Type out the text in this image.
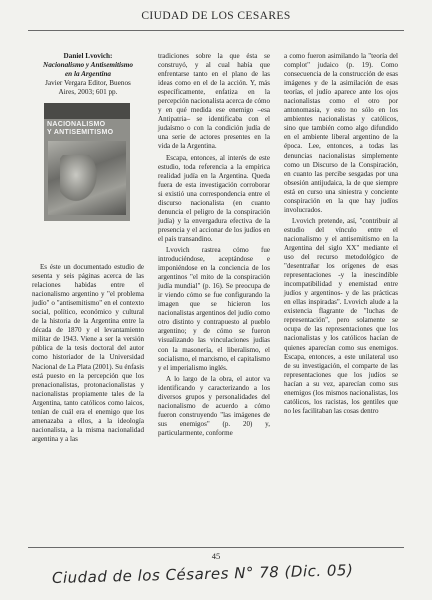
CIUDAD DE LOS CESARES
Daniel Lvovich:
Nacionalismo y Antisemitismo
en la Argentina
Javier Vergara Editor, Buenos
Aires, 2003; 601 pp.
NACIONALISMO
Y ANTISEMITISMO

Es éste un documentado estudio de sesenta y seis páginas acerca de las relaciones habidas entre el nacionalismo argentino y "el problema judío" o "antisemitismo" en el contexto social, político, económico y cultural de la historia de la Argentina entre la década de 1870 y el levantamiento militar de 1943. Viene a ser la versión pública de la tesis doctoral del autor como historiador de la Universidad Nacional de La Plata (2001). Su énfasis está puesto en la percepción que los prenacionalistas, protonacionalistas y nacionalistas propiamente tales de la Argentina, tanto católicos como laicos, tenían de cuál era el enemigo que los amenazaba a ellos, a la ideología nacionalista, a la misma nacionalidad argentina y a las

tradiciones sobre la que ésta se construyó, y al cual había que enfrentarse tanto en el plano de las ideas como en el de la acción. Y, más específicamente, enfatiza en la percepción nacionalista acerca de cómo y en qué medida ese enemigo –esa Antipatria– se identificaba con el judaísmo o con la condición judía de una serie de actores presentes en la vida de la Argentina.

Escapa, entonces, al interés de este estudio, toda referencia a la empírica realidad judía en la Argentina. Queda fuera de esta investigación corroborar si existió una correspondencia entre el discurso nacionalista (en cuanto denuncia el peligro de la conspiración judía) y la envergadura efectiva de la presencia y el accionar de los judíos en el país transandino.

Lvovich rastrea cómo fue introduciéndose, aceptándose e imponiéndose en la conciencia de los argentinos "el mito de la conspiración judía mundial" (p. 16). Se preocupa de ir viendo cómo se fue configurando la imagen que se hicieron los nacionalistas argentinos del judío como otro distinto y contrapuesto al pueblo argentino; y de cómo se fueron visualizando las vinculaciones judías con la masonería, el liberalismo, el socialismo, el marxismo, el capitalismo y el imperialismo inglés.

A lo largo de la obra, el autor va identificando y caracterizando a los diversos grupos y personalidades del nacionalismo de acuerdo a cómo fueron construyendo "las imágenes de sus enemigos" (p. 20) y, particularmente, conforme

a como fueron asimilando la "teoría del complot" judaico (p. 19). Como consecuencia de la construcción de esas imágenes y de la asimilación de esas teorías, el judío aparece ante los ojos nacionalistas como el otro por antonomasia, y esto no sólo en los ambientes nacionalistas y católicos, sino que también como algo difundido en el ambiente liberal argentino de la época. Lee, entonces, a todas las denuncias nacionalistas simplemente como un Discurso de la Conspiración, en cuanto las percibe sesgadas por una obsesión antijudaica, la de que siempre está en curso una siniestra y conciente conspiración en la que hay judíos involucrados.

Lvovich pretende, así, "contribuir al estudio del vínculo entre el nacionalismo y el antisemitismo en la Argentina del siglo XX" mediante el uso del recurso metodológico de "desentrañar los orígenes de esas representaciones -y la inescindible incompatibilidad y enemistad entre judíos y argentinos- y de las prácticas en ellas inspiradas". Lvovich alude a la existencia flagrante de "luchas de representación", pero solamente se ocupa de las representaciones que los nacionalistas y los católicos hacían de quienes aparecían como sus enemigos. Escapa, entonces, a este unilateral uso de su investigación, el comparte de las representaciones que los judíos se hacían a su vez, aparecían como sus enemigos (los mismos nacionalistas, los católicos, los racistas, los gentiles que no les facilitaban las cosas dentro

45
Ciudad de los Césares N° 78 (Dic. 05)
